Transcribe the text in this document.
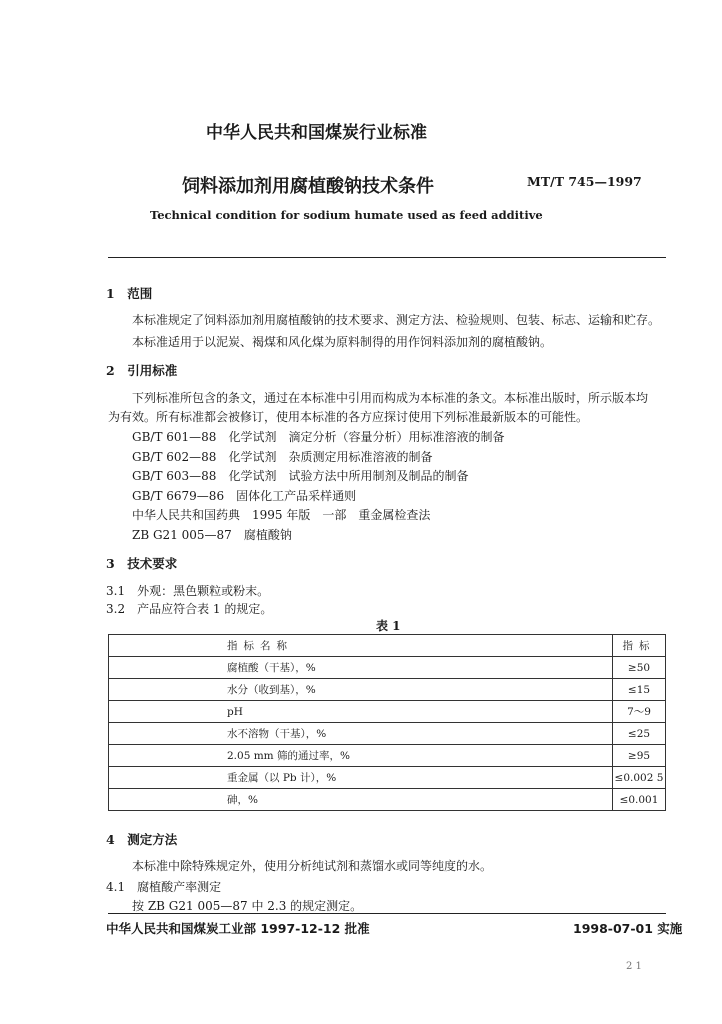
中华人民共和国煤炭行业标准
饲料添加剂用腐植酸钠技术条件	MT/T 745—1997
Technical condition for sodium humate used as feed additive
1　范围
本标准规定了饲料添加剂用腐植酸钠的技术要求、测定方法、检验规则、包装、标志、运输和贮存。
本标准适用于以泥炭、褐煤和风化煤为原料制得的用作饲料添加剂的腐植酸钠。
2　引用标准
下列标准所包含的条文，通过在本标准中引用而构成为本标准的条文。本标准出版时，所示版本均
为有效。所有标准都会被修订，使用本标准的各方应探讨使用下列标准最新版本的可能性。
GB/T 601—88　化学试剂　滴定分析（容量分析）用标准溶液的制备
GB/T 602—88　化学试剂　杂质测定用标准溶液的制备
GB/T 603—88　化学试剂　试验方法中所用制剂及制品的制备
GB/T 6679—86　固体化工产品采样通则
中华人民共和国药典　1995 年版　一部　重金属检查法
ZB G21 005—87　腐植酸钠
3　技术要求
3.1　外观：黑色颗粒或粉末。
3.2　产品应符合表 1 的规定。
表 1
指标名称	指标
腐植酸（干基），%	≥50
水分（收到基），%	≤15
pH	7～9
水不溶物（干基），%	≤25
2.05 mm 筛的通过率，%	≥95
重金属（以 Pb 计），%	≤0.002 5
砷，%	≤0.001
4　测定方法
本标准中除特殊规定外，使用分析纯试剂和蒸馏水或同等纯度的水。
4.1　腐植酸产率测定
按 ZB G21 005—87 中 2.3 的规定测定。
中华人民共和国煤炭工业部 1997-12-12 批准	1998-07-01 实施
2 1
